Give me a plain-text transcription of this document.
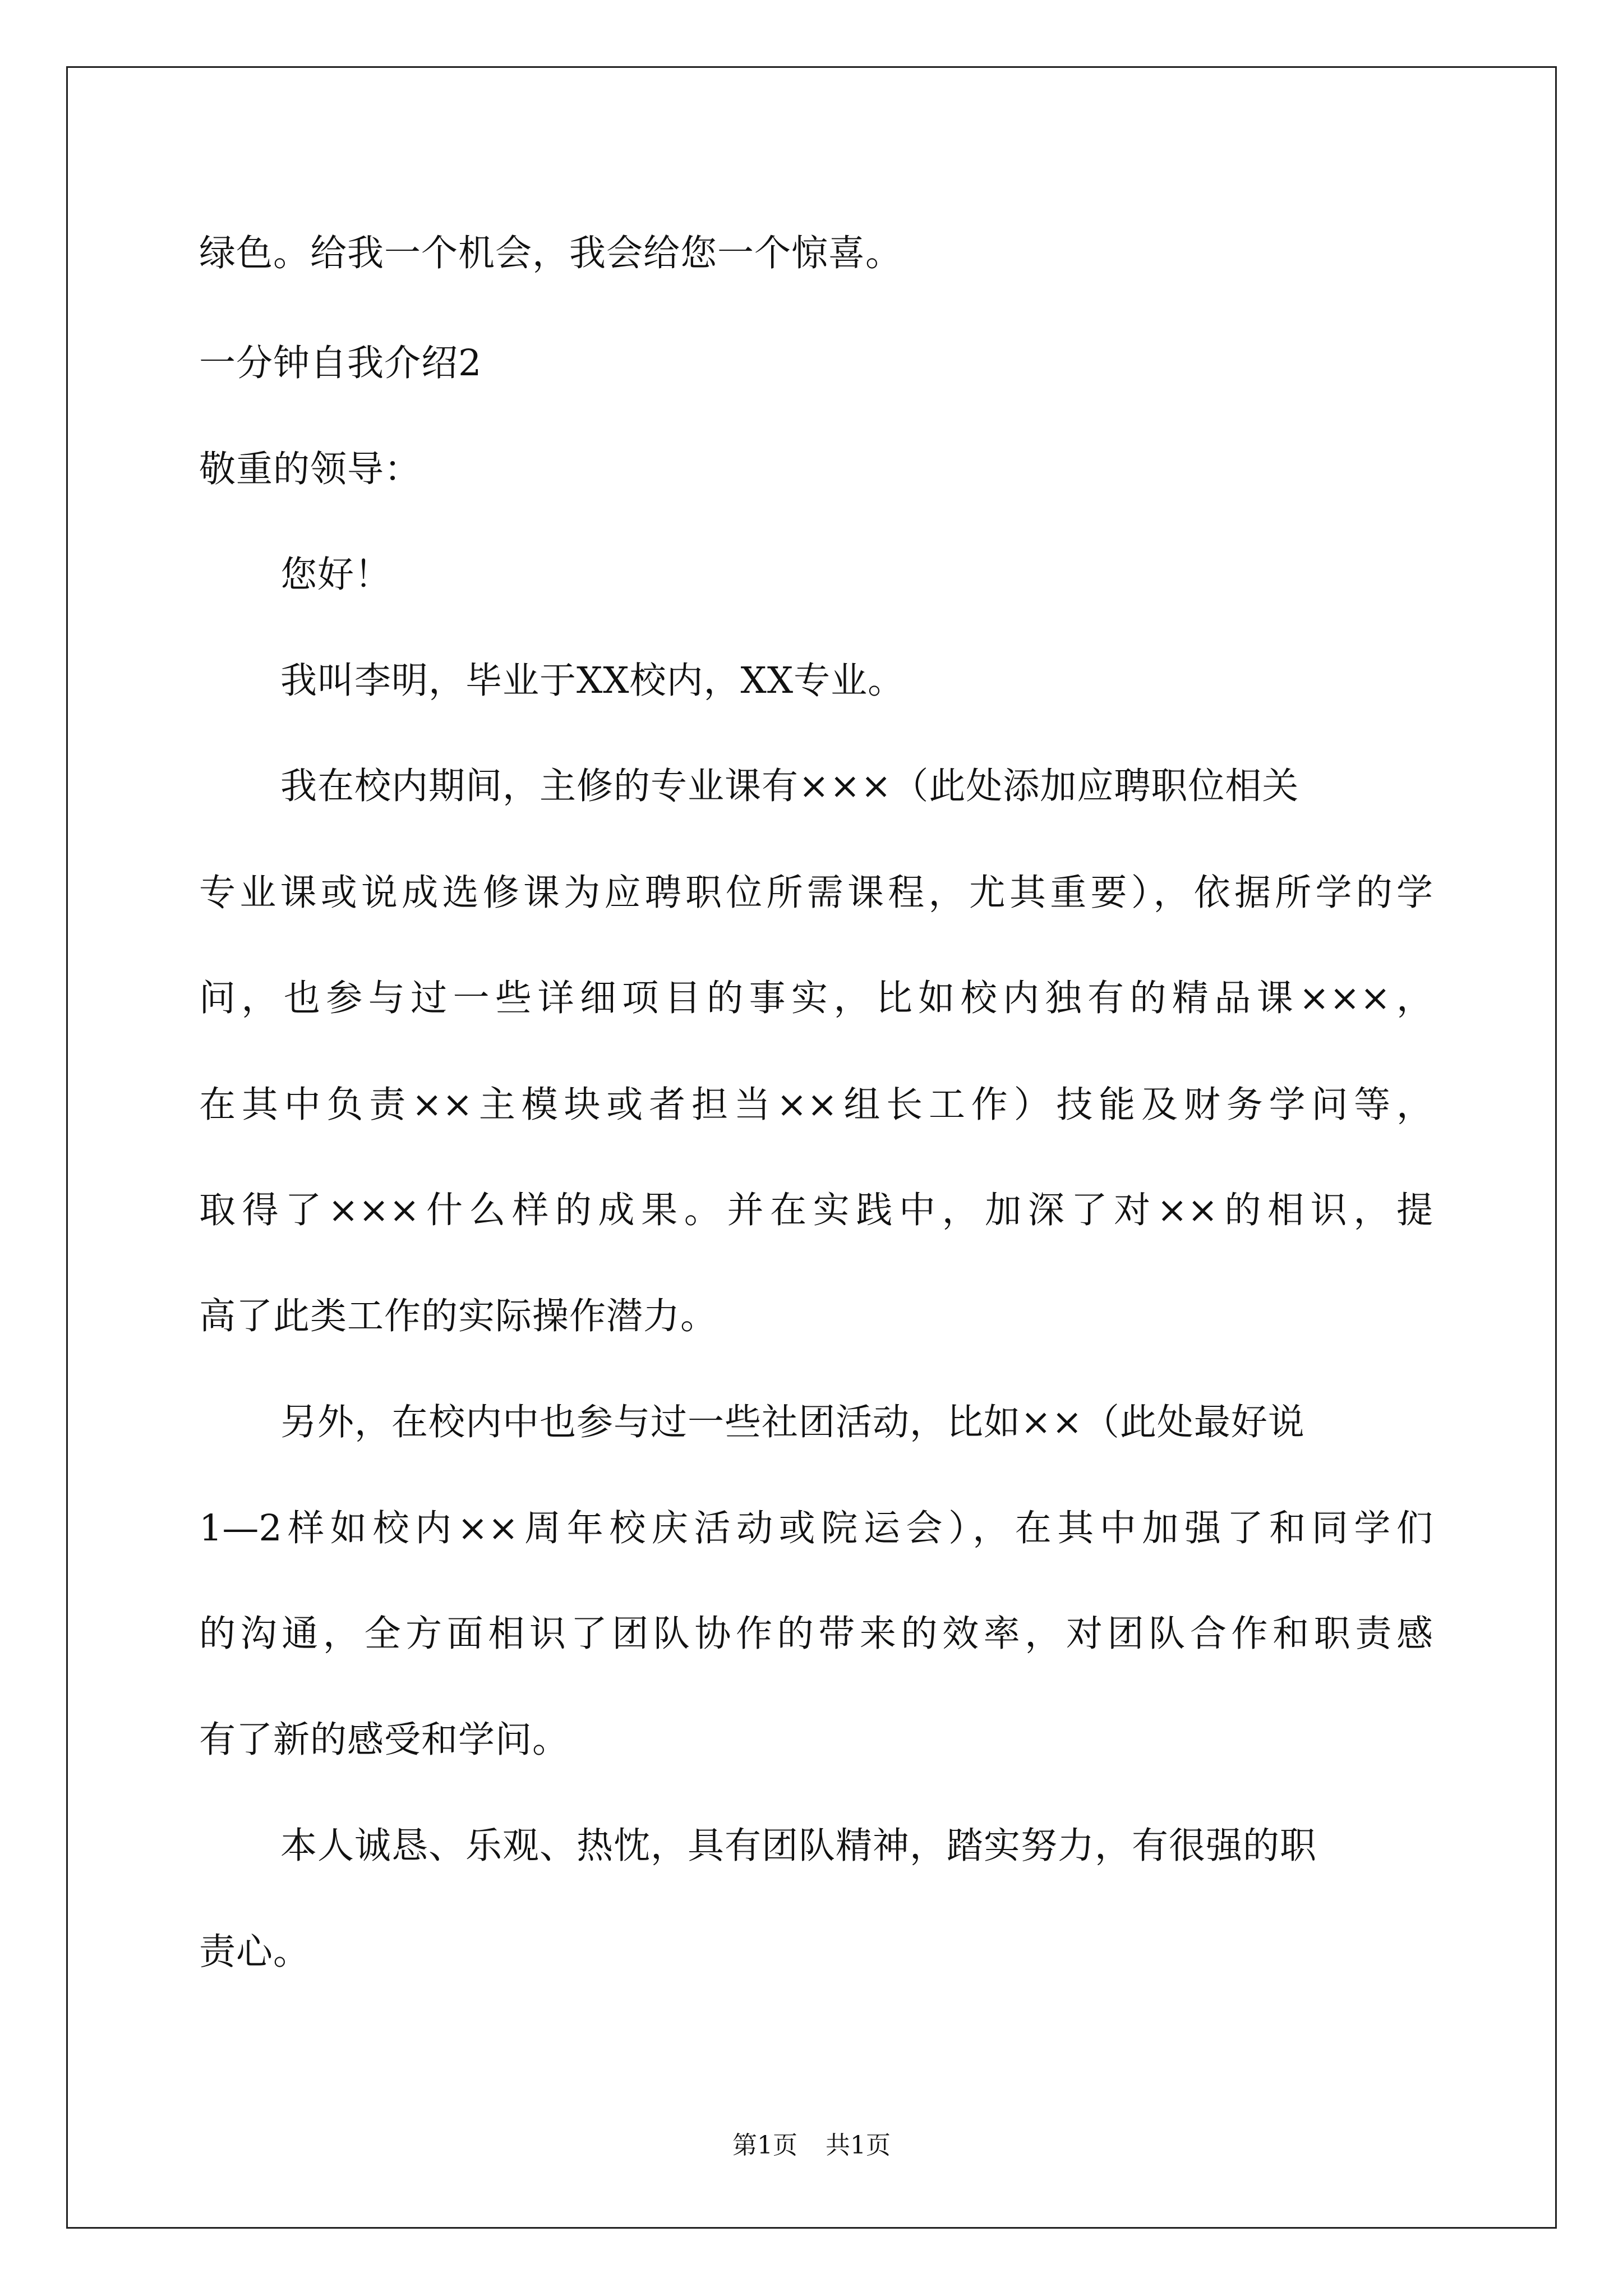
绿色。给我一个机会，我会给您一个惊喜。
一分钟自我介绍2
敬重的领导：
您好！
我叫李明，毕业于XX校内，XX专业。
我在校内期间，主修的专业课有×××（此处添加应聘职位相关
专业课或说成选修课为应聘职位所需课程，尤其重要），依据所学的学
问，也参与过一些详细项目的事实，比如校内独有的精品课×××，
在其中负责××主模块或者担当××组长工作）技能及财务学问等，
取得了×××什么样的成果。并在实践中，加深了对××的相识，提
高了此类工作的实际操作潜力。
另外，在校内中也参与过一些社团活动，比如××（此处最好说
1—2样如校内××周年校庆活动或院运会），在其中加强了和同学们
的沟通，全方面相识了团队协作的带来的效率，对团队合作和职责感
有了新的感受和学问。
本人诚恳、乐观、热忱，具有团队精神，踏实努力，有很强的职
责心。
第1页 共1页
